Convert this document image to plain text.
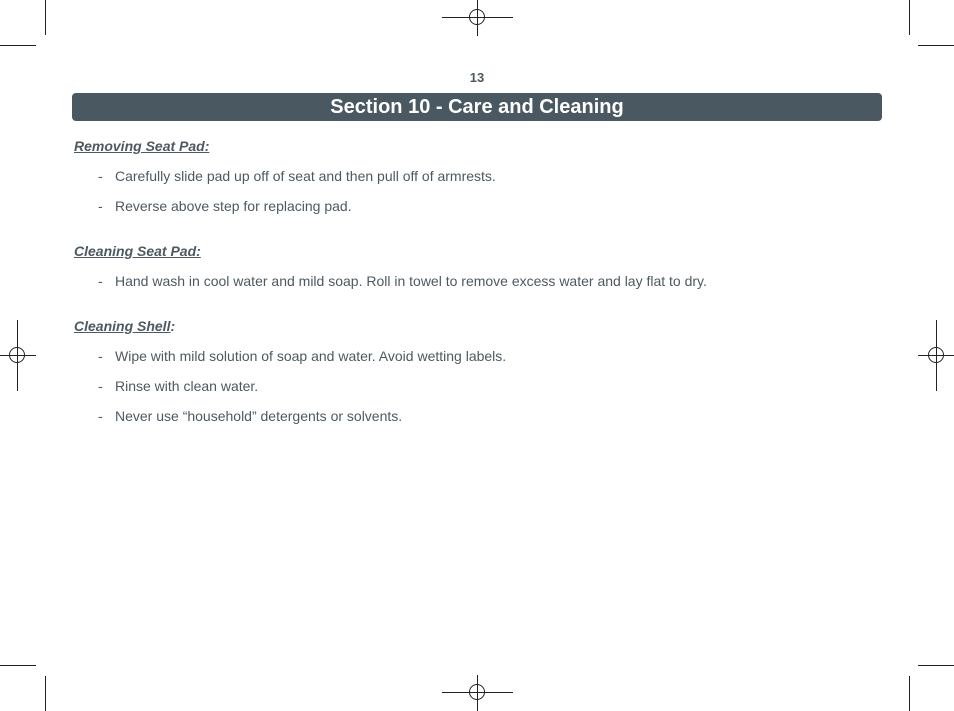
13
Section 10 - Care and Cleaning
Removing Seat Pad:
- Carefully slide pad up off of seat and then pull off of armrests.
- Reverse above step for replacing pad.
Cleaning Seat Pad:
- Hand wash in cool water and mild soap. Roll in towel to remove excess water and lay flat to dry.
Cleaning Shell:
- Wipe with mild solution of soap and water. Avoid wetting labels.
- Rinse with clean water.
- Never use “household” detergents or solvents.
